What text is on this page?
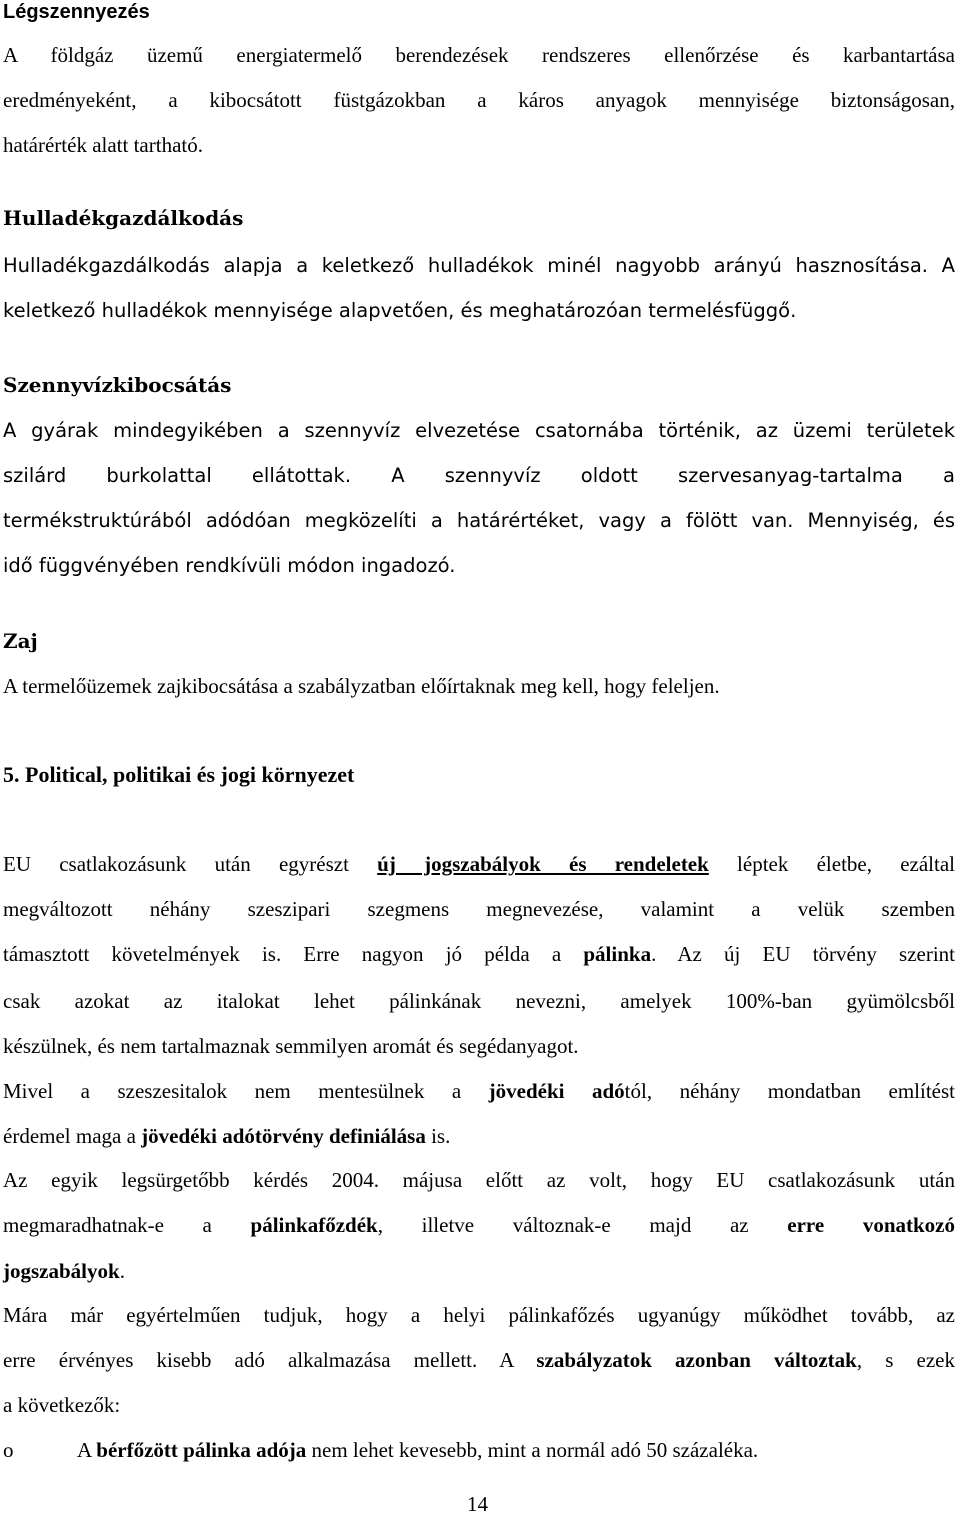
Légszennyezés
A földgáz üzemű energiatermelő berendezések rendszeres ellenőrzése és karbantartása
eredményeként, a kibocsátott füstgázokban a káros anyagok mennyisége biztonságosan,
határérték alatt tartható.
Hulladékgazdálkodás
Hulladékgazdálkodás alapja a keletkező hulladékok minél nagyobb arányú hasznosítása. A
keletkező hulladékok mennyisége alapvetően, és meghatározóan termelésfüggő.
Szennyvízkibocsátás
A gyárak mindegyikében a szennyvíz elvezetése csatornába történik, az üzemi területek
szilárd burkolattal ellátottak. A szennyvíz oldott szervesanyag-tartalma a
termékstruktúrából adódóan megközelíti a határértéket, vagy a fölött van. Mennyiség, és
idő függvényében rendkívüli módon ingadozó.
Zaj
A termelőüzemek zajkibocsátása a szabályzatban előírtaknak meg kell, hogy feleljen.
5. Political, politikai és jogi környezet
EU csatlakozásunk után egyrészt új jogszabályok és rendeletek léptek életbe, ezáltal
megváltozott néhány szeszipari szegmens megnevezése, valamint a velük szemben
támasztott követelmények is. Erre nagyon jó példa a pálinka. Az új EU törvény szerint
csak azokat az italokat lehet pálinkának nevezni, amelyek 100%-ban gyümölcsből
készülnek, és nem tartalmaznak semmilyen aromát és segédanyagot.
Mivel a szeszesitalok nem mentesülnek a jövedéki adótól, néhány mondatban említést
érdemel maga a jövedéki adótörvény definiálása is.
Az egyik legsürgetőbb kérdés 2004. májusa előtt az volt, hogy EU csatlakozásunk után
megmaradhatnak-e a pálinkafőzdék, illetve változnak-e majd az erre vonatkozó
jogszabályok.
Mára már egyértelműen tudjuk, hogy a helyi pálinkafőzés ugyanúgy működhet tovább, az
erre érvényes kisebb adó alkalmazása mellett. A szabályzatok azonban változtak, s ezek
a következők:
o	A bérfőzött pálinka adója nem lehet kevesebb, mint a normál adó 50 százaléka.
14
